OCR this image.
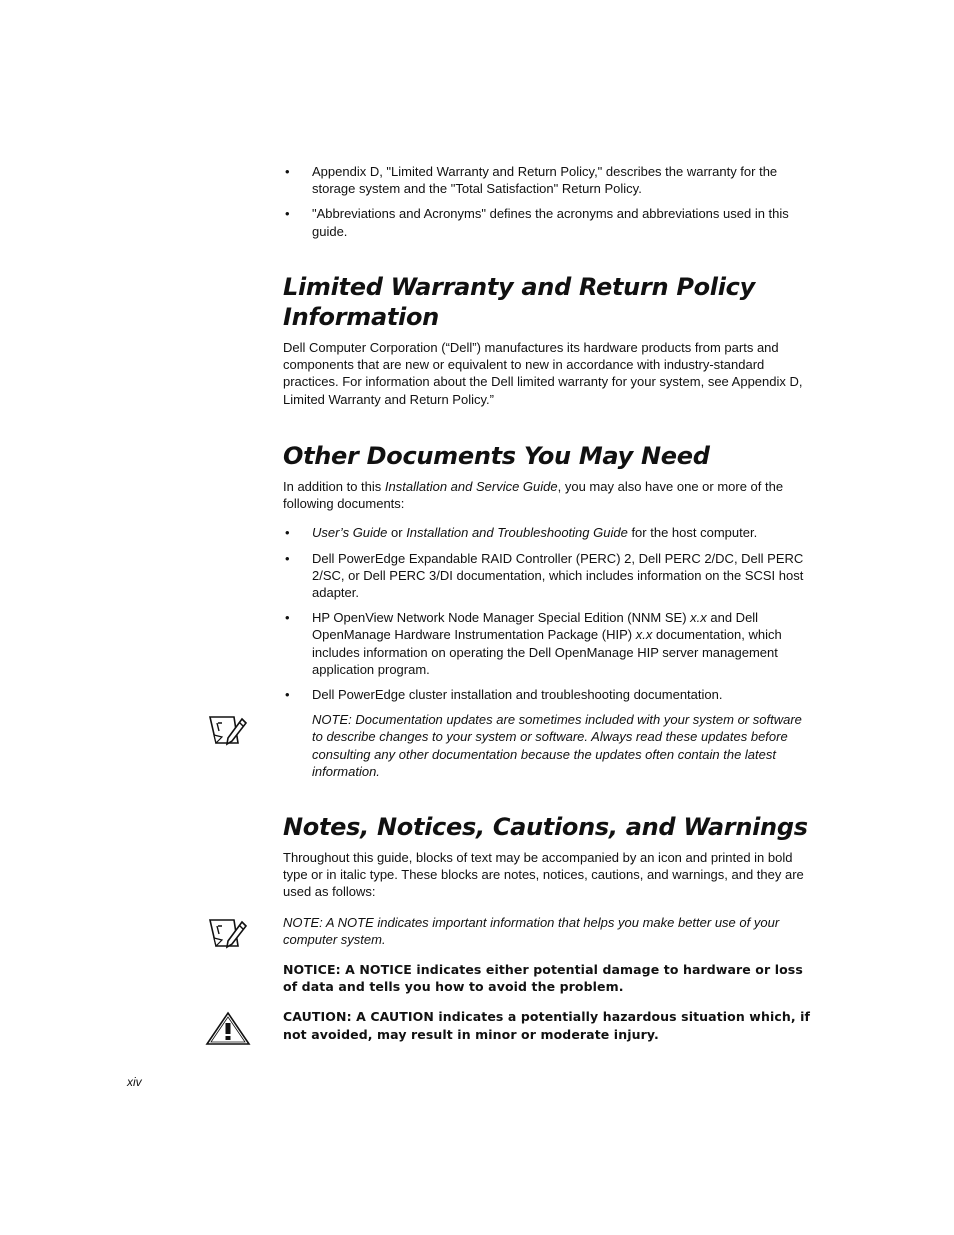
• Appendix D, "Limited Warranty and Return Policy," describes the warranty for the storage system and the "Total Satisfaction" Return Policy.
• "Abbreviations and Acronyms" defines the acronyms and abbreviations used in this guide.
Limited Warranty and Return Policy Information

Dell Computer Corporation (“Dell”) manufactures its hardware products from parts and components that are new or equivalent to new in accordance with industry-standard practices. For information about the Dell limited warranty for your system, see Appendix D, Limited Warranty and Return Policy.”

Other Documents You May Need

In addition to this Installation and Service Guide, you may also have one or more of the following documents:

• User’s Guide or Installation and Troubleshooting Guide for the host computer.
• Dell PowerEdge Expandable RAID Controller (PERC) 2, Dell PERC 2/DC, Dell PERC 2/SC, or Dell PERC 3/DI documentation, which includes information on the SCSI host adapter.
• HP OpenView Network Node Manager Special Edition (NNM SE) x.x and Dell OpenManage Hardware Instrumentation Package (HIP) x.x documentation, which includes information on operating the Dell OpenManage HIP server management application program.
• Dell PowerEdge cluster installation and troubleshooting documentation.

NOTE: Documentation updates are sometimes included with your system or software to describe changes to your system or software. Always read these updates before consulting any other documentation because the updates often contain the latest information.

Notes, Notices, Cautions, and Warnings

Throughout this guide, blocks of text may be accompanied by an icon and printed in bold type or in italic type. These blocks are notes, notices, cautions, and warnings, and they are used as follows:

NOTE: A NOTE indicates important information that helps you make better use of your computer system.

NOTICE: A NOTICE indicates either potential damage to hardware or loss of data and tells you how to avoid the problem.

CAUTION: A CAUTION indicates a potentially hazardous situation which, if not avoided, may result in minor or moderate injury.

xiv
